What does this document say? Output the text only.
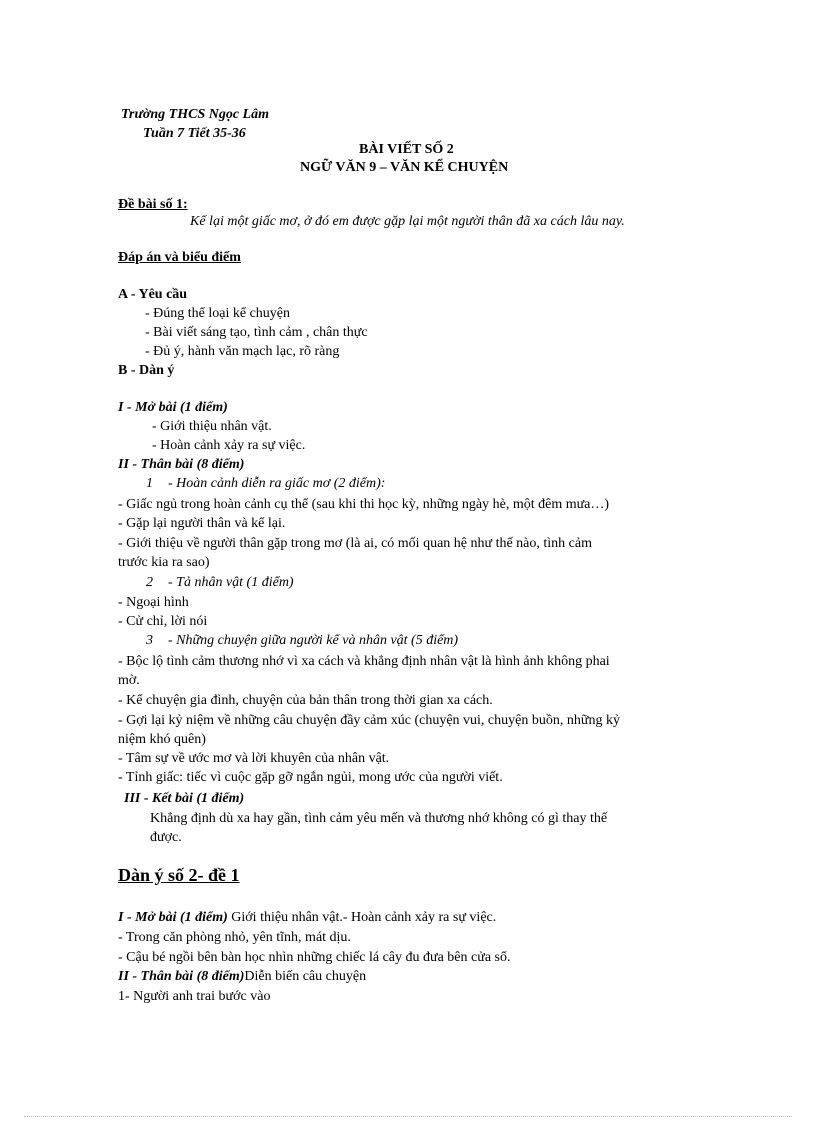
Trường THCS Ngọc Lâm
Tuần 7 Tiết 35-36
BÀI VIẾT SỐ 2
NGỮ VĂN 9 – VĂN KỂ CHUYỆN
Đề bài số 1:
Kể lại một giấc mơ, ở đó em được gặp lại một người thân đã xa cách lâu nay.
Đáp án và biểu điểm
A - Yêu cầu
- Đúng thể loại kể chuyện
- Bài viết sáng tạo, tình cảm , chân thực
- Đủ ý, hành văn mạch lạc, rõ ràng
B - Dàn ý
I - Mở bài (1 điểm)
- Giới thiệu nhân vật.
- Hoàn cảnh xảy ra sự việc.
II - Thân bài (8 điểm)
1 - Hoàn cảnh diễn ra giấc mơ (2 điểm):
- Giấc ngủ trong hoàn cảnh cụ thể (sau khi thi học kỳ, những ngày hè, một đêm mưa…)
- Gặp lại người thân và kể lại.
- Giới thiệu về người thân gặp trong mơ (là ai, có mối quan hệ như thế nào, tình cảm
trước kia ra sao)
2 - Tả nhân vật (1 điểm)
- Ngoại hình
- Cử chỉ, lời nói
3 - Những chuyện giữa người kể và nhân vật (5 điểm)
- Bộc lộ tình cảm thương nhớ vì xa cách và khẳng định nhân vật là hình ảnh không phai
mờ.
- Kể chuyện gia đình, chuyện của bản thân trong thời gian xa cách.
- Gợi lại kỷ niệm về những câu chuyện đầy cảm xúc (chuyện vui, chuyện buồn, những kỷ
niệm khó quên)
- Tâm sự về ước mơ và lời khuyên của nhân vật.
- Tỉnh giấc: tiếc vì cuộc gặp gỡ ngắn ngủi, mong ước của người viết.
III - Kết bài (1 điểm)
Khẳng định dù xa hay gần, tình cảm yêu mến và thương nhớ không có gì thay thế
được.
Dàn ý số 2- đề 1
I - Mở bài (1 điểm) Giới thiệu nhân vật.- Hoàn cảnh xảy ra sự việc.
- Trong căn phòng nhỏ, yên tĩnh, mát dịu.
- Cậu bé ngồi bên bàn học nhìn những chiếc lá cây đu đưa bên cửa sổ.
II - Thân bài (8 điểm)Diễn biến câu chuyện
1- Người anh trai bước vào
